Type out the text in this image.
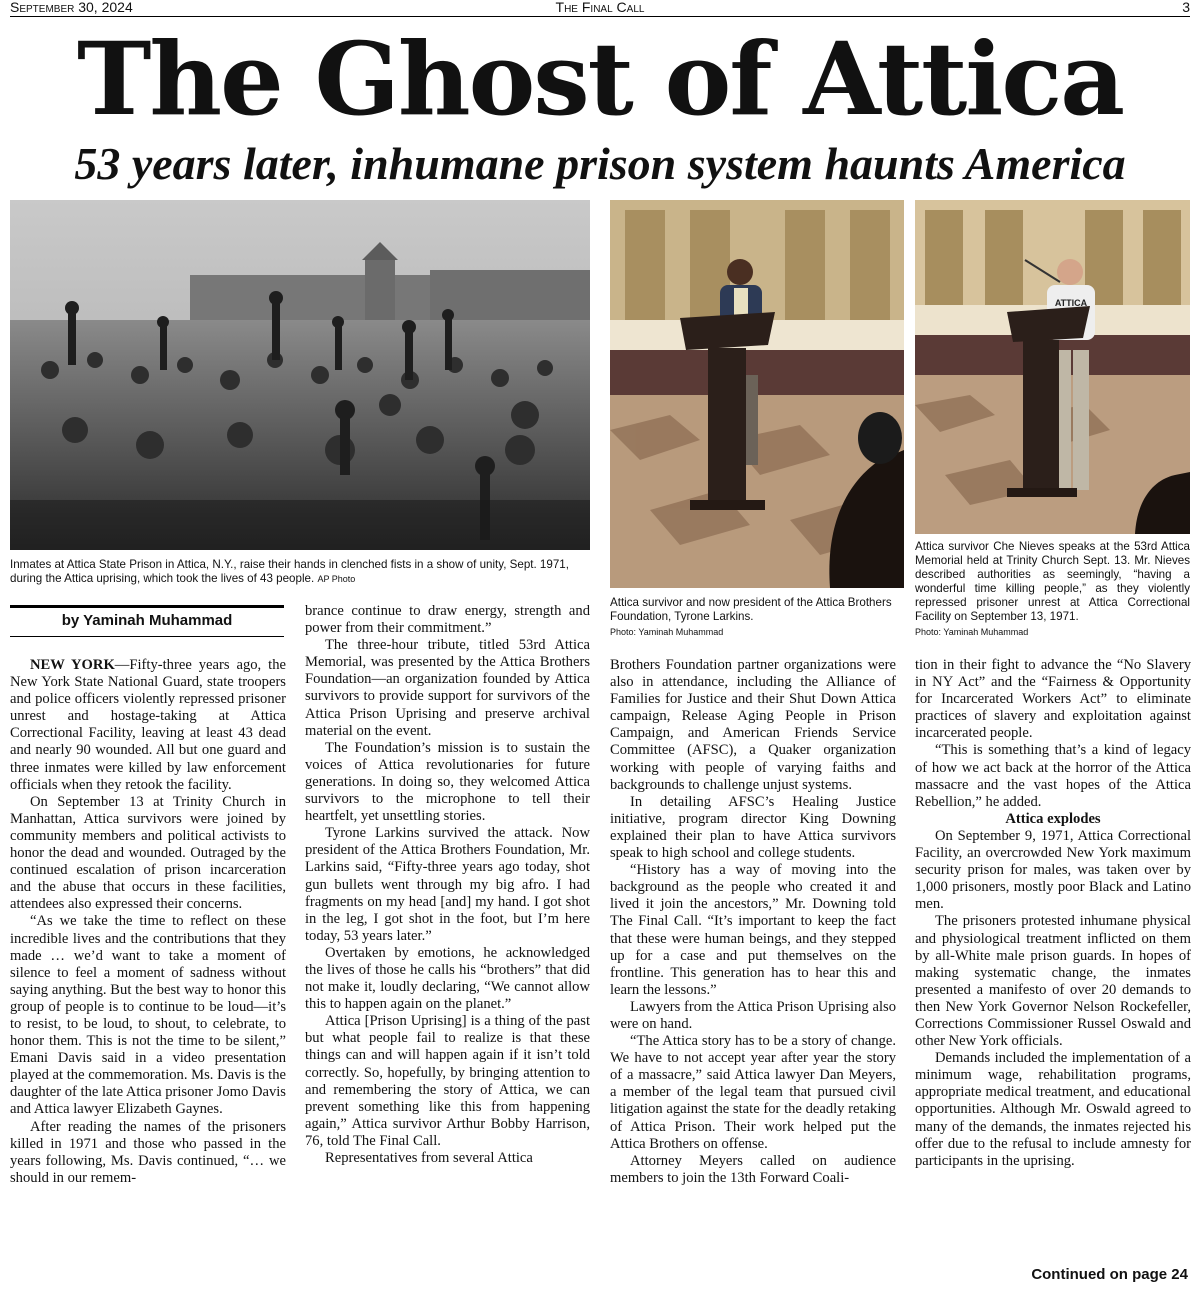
September 30, 2024	The Final Call	3
The Ghost of Attica
53 years later, inhumane prison system haunts America
Inmates at Attica State Prison in Attica, N.Y., raise their hands in clenched fists in a show of unity, Sept. 1971, during the Attica uprising, which took the lives of 43 people. AP Photo
Attica survivor and now president of the Attica Brothers Foundation, Tyrone Larkins.
Photo: Yaminah Muhammad
ATTICA
Attica survivor Che Nieves speaks at the 53rd Attica Memorial held at Trinity Church Sept. 13. Mr. Nieves described authorities as seemingly, “having a wonderful time killing people,” as they violently repressed prisoner unrest at Attica Correctional Facility on September 13, 1971.
Photo: Yaminah Muhammad
by Yaminah Muhammad

NEW YORK—Fifty-three years ago, the New York State National Guard, state troopers and police officers violently repressed prisoner unrest and hostage-taking at Attica Correctional Facility, leaving at least 43 dead and nearly 90 wounded. All but one guard and three inmates were killed by law enforcement officials when they retook the facility.

On September 13 at Trinity Church in Manhattan, Attica survivors were joined by community members and political activists to honor the dead and wounded. Outraged by the continued escalation of prison incarceration and the abuse that occurs in these facilities, attendees also expressed their concerns.

“As we take the time to reflect on these incredible lives and the contributions that they made … we’d want to take a moment of silence to feel a moment of sadness without saying anything. But the best way to honor this group of people is to continue to be loud—it’s to resist, to be loud, to shout, to celebrate, to honor them. This is not the time to be silent,” Emani Davis said in a video presentation played at the commemoration. Ms. Davis is the daughter of the late Attica prisoner Jomo Davis and Attica lawyer Elizabeth Gaynes.

After reading the names of the prisoners killed in 1971 and those who passed in the years following, Ms. Davis continued, “… we should in our remem-

brance continue to draw energy, strength and power from their commitment.”

The three-hour tribute, titled 53rd Attica Memorial, was presented by the Attica Brothers Foundation—an organization founded by Attica survivors to provide support for survivors of the Attica Prison Uprising and preserve archival material on the event.

The Foundation’s mission is to sustain the voices of Attica revolutionaries for future generations. In doing so, they welcomed Attica survivors to the microphone to tell their heartfelt, yet unsettling stories.

Tyrone Larkins survived the attack. Now president of the Attica Brothers Foundation, Mr. Larkins said, “Fifty-three years ago today, shot gun bullets went through my big afro. I had fragments on my head [and] my hand. I got shot in the leg, I got shot in the foot, but I’m here today, 53 years later.”

Overtaken by emotions, he acknowledged the lives of those he calls his “brothers” that did not make it, loudly declaring, “We cannot allow this to happen again on the planet.”

Attica [Prison Uprising] is a thing of the past but what people fail to realize is that these things can and will happen again if it isn’t told correctly. So, hopefully, by bringing attention to and remembering the story of Attica, we can prevent something like this from happening again,” Attica survivor Arthur Bobby Harrison, 76, told The Final Call.

Representatives from several Attica

Brothers Foundation partner organizations were also in attendance, including the Alliance of Families for Justice and their Shut Down Attica campaign, Release Aging People in Prison Campaign, and American Friends Service Committee (AFSC), a Quaker organization working with people of varying faiths and backgrounds to challenge unjust systems.

In detailing AFSC’s Healing Justice initiative, program director King Downing explained their plan to have Attica survivors speak to high school and college students.

“History has a way of moving into the background as the people who created it and lived it join the ancestors,” Mr. Downing told The Final Call. “It’s important to keep the fact that these were human beings, and they stepped up for a case and put themselves on the frontline. This generation has to hear this and learn the lessons.”

Lawyers from the Attica Prison Uprising also were on hand.

“The Attica story has to be a story of change. We have to not accept year after year the story of a massacre,” said Attica lawyer Dan Meyers, a member of the legal team that pursued civil litigation against the state for the deadly retaking of Attica Prison. Their work helped put the Attica Brothers on offense.

Attorney Meyers called on audience members to join the 13th Forward Coali-

tion in their fight to advance the “No Slavery in NY Act” and the “Fairness & Opportunity for Incarcerated Workers Act” to eliminate practices of slavery and exploitation against incarcerated people.

“This is something that’s a kind of legacy of how we act back at the horror of the Attica massacre and the vast hopes of the Attica Rebellion,” he added.

Attica explodes

On September 9, 1971, Attica Correctional Facility, an overcrowded New York maximum security prison for males, was taken over by 1,000 prisoners, mostly poor Black and Latino men.

The prisoners protested inhumane physical and physiological treatment inflicted on them by all-White male prison guards. In hopes of making systematic change, the inmates presented a manifesto of over 20 demands to then New York Governor Nelson Rockefeller, Corrections Commissioner Russel Oswald and other New York officials.

Demands included the implementation of a minimum wage, rehabilitation programs, appropriate medical treatment, and educational opportunities. Although Mr. Oswald agreed to many of the demands, the inmates rejected his offer due to the refusal to include amnesty for participants in the uprising.

Continued on page 24
